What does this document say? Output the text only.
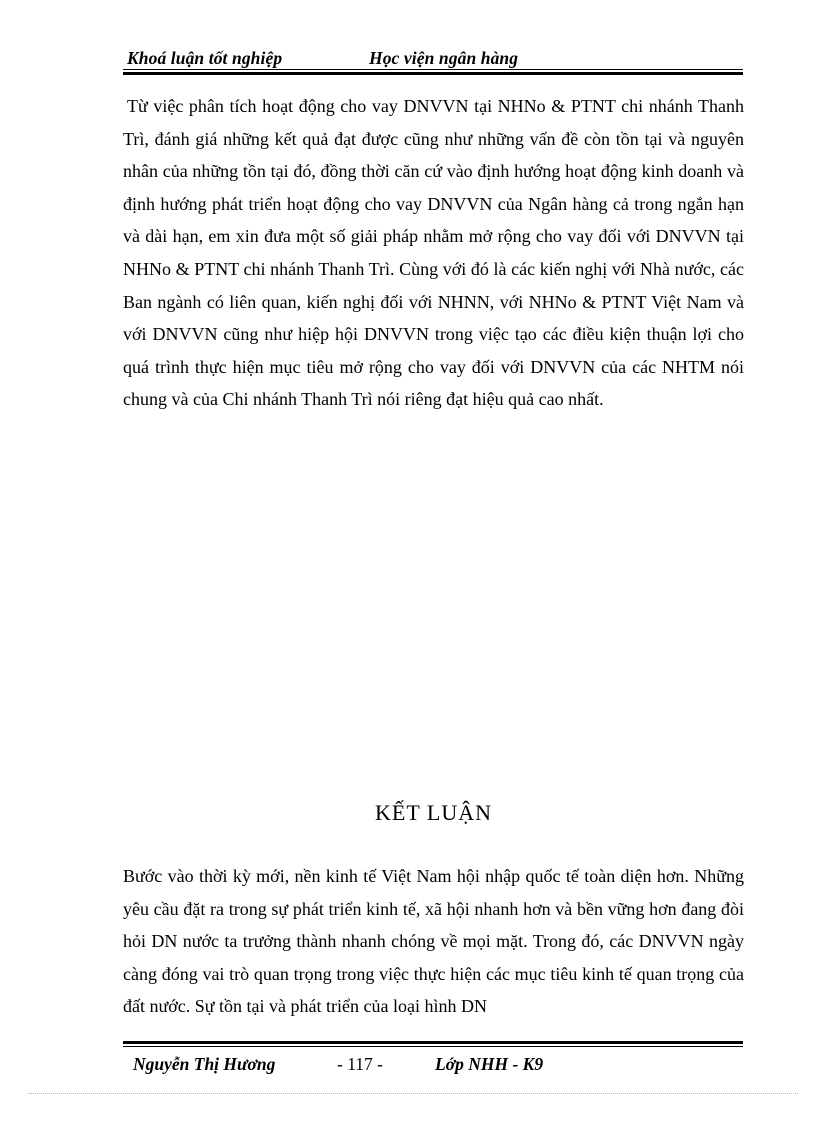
Khoá luận tốt nghiệp	Học viện ngân hàng

Từ việc phân tích hoạt động cho vay DNVVN tại NHNo & PTNT chi nhánh Thanh Trì, đánh giá những kết quả đạt được cũng như những vấn đề còn tồn tại và nguyên nhân của những tồn tại đó, đồng thời căn cứ vào định hướng hoạt động kinh doanh và định hướng phát triển hoạt động cho vay DNVVN của Ngân hàng cả trong ngắn hạn và dài hạn, em xin đưa một số giải pháp nhằm mở rộng cho vay đối với DNVVN tại NHNo & PTNT chi nhánh Thanh Trì. Cùng với đó là các kiến nghị với Nhà nước, các Ban ngành có liên quan, kiến nghị đối với NHNN, với NHNo & PTNT Việt Nam và với DNVVN cũng như hiệp hội DNVVN trong việc tạo các điều kiện thuận lợi cho quá trình thực hiện mục tiêu mở rộng cho vay đối với DNVVN của các NHTM nói chung và của Chi nhánh Thanh Trì nói riêng đạt hiệu quả cao nhất.

KẾT LUẬN

Bước vào thời kỳ mới, nền kinh tế Việt Nam hội nhập quốc tế toàn diện hơn. Những yêu cầu đặt ra trong sự phát triển kinh tế, xã hội nhanh hơn và bền vững hơn đang đòi hỏi DN nước ta trưởng thành nhanh chóng về mọi mặt. Trong đó, các DNVVN ngày càng đóng vai trò quan trọng trong việc thực hiện các mục tiêu kinh tế quan trọng của đất nước. Sự tồn tại và phát triển của loại hình DN

Nguyễn Thị Hương	- 117 -	Lớp NHH - K9
